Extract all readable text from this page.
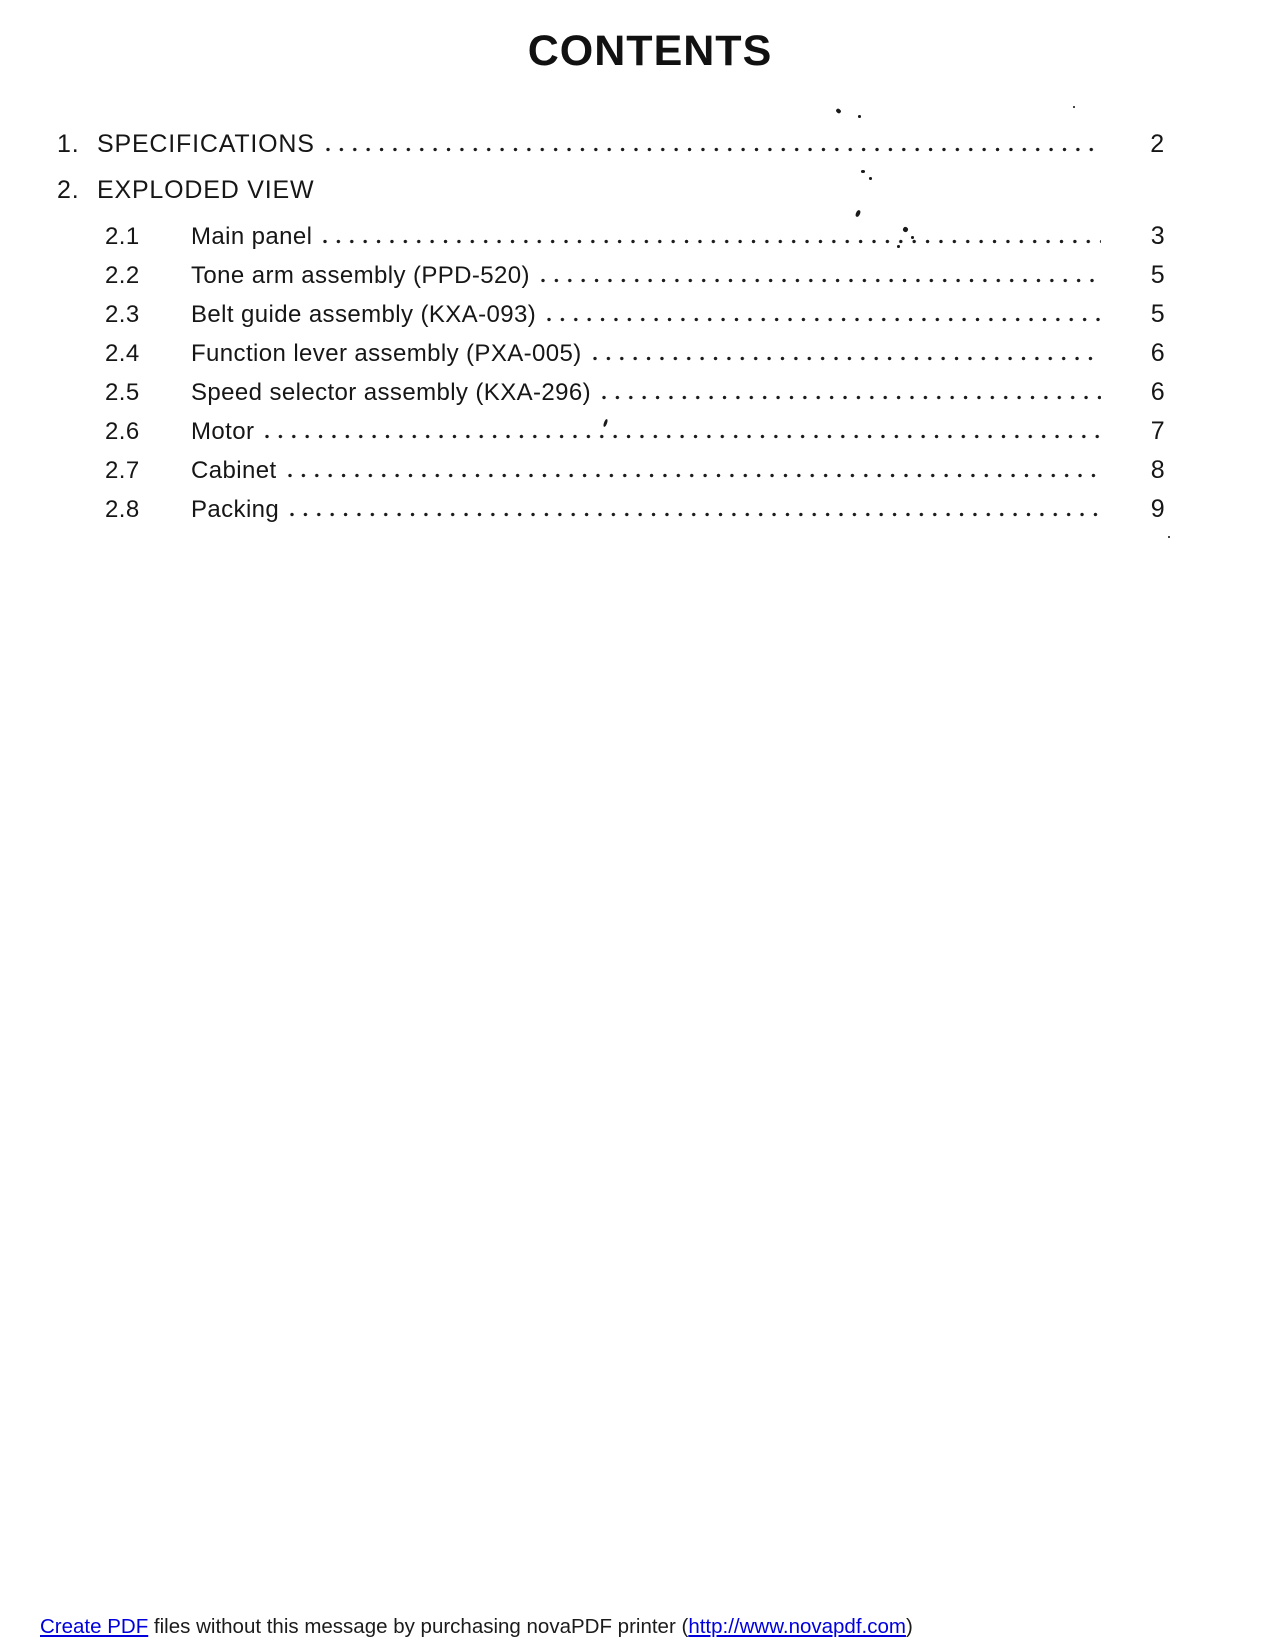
CONTENTS
1. SPECIFICATIONS	2
2. EXPLODED VIEW
2.1	Main panel	3
2.2	Tone arm assembly (PPD-520)	5
2.3	Belt guide assembly (KXA-093)	5
2.4	Function lever assembly (PXA-005)	6
2.5	Speed selector assembly (KXA-296)	6
2.6	Motor	7
2.7	Cabinet	8
2.8	Packing	9
Create PDF files without this message by purchasing novaPDF printer (http://www.novapdf.com)
